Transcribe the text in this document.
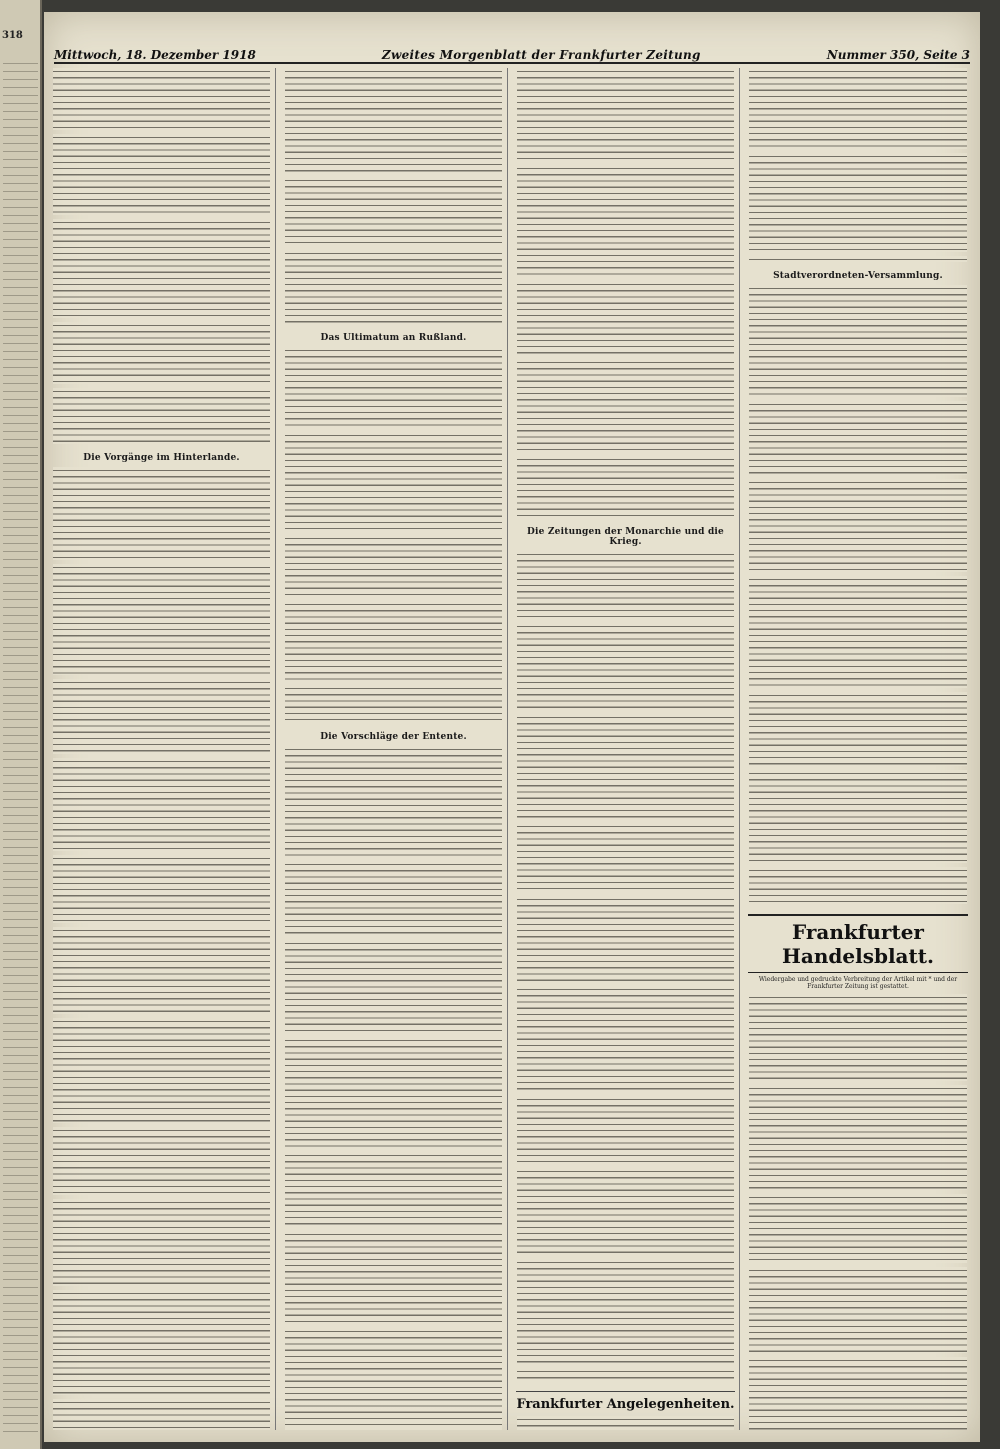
318
Mittwoch, 18. Dezember 1918	Zweites Morgenblatt der Frankfurter Zeitung	Nummer 350, Seite 3
Die Vorgänge im Hinterlande.
Das Ultimatum an Rußland.
Die Vorschläge der Entente.
Die Zeitungen der Monarchie und die Krieg.
Frankfurter Angelegenheiten.
Stadtverordneten-Versammlung.
Frankfurter Handelsblatt.
Wiedergabe und gedruckte Verbreitung der Artikel mit * und der Frankfurter Zeitung ist gestattet.
